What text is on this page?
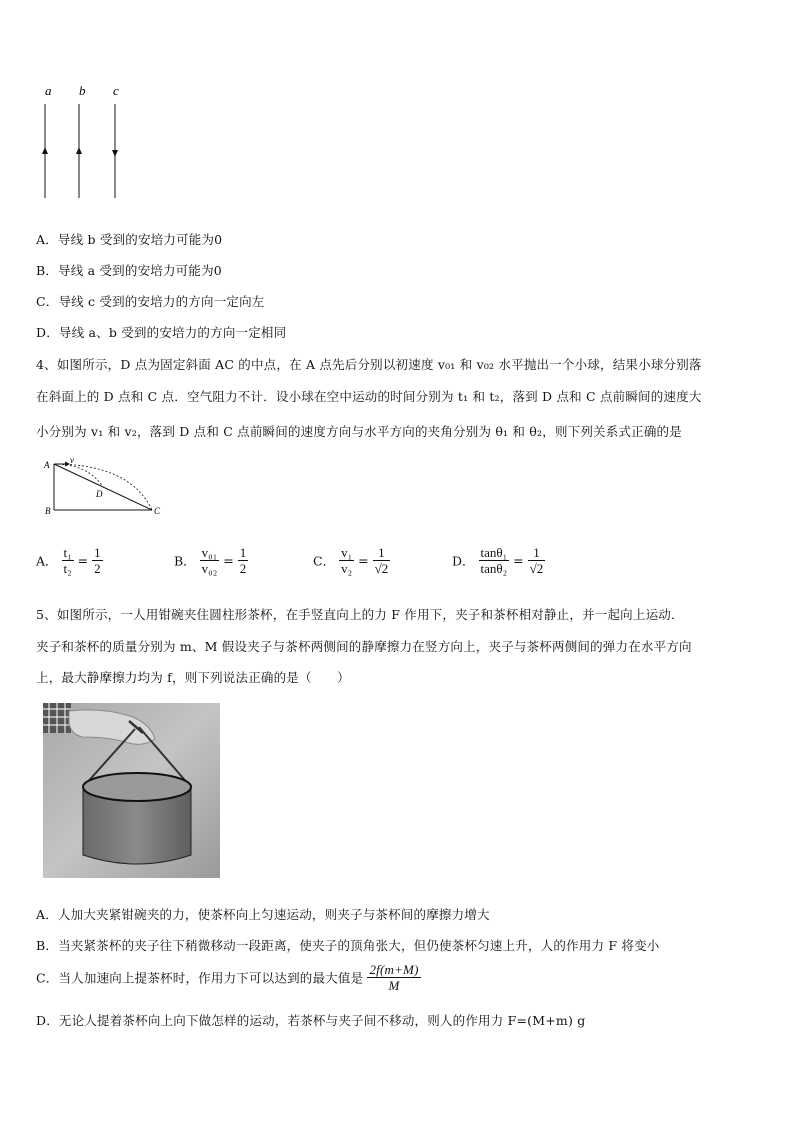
a b c
A．导线 b 受到的安培力可能为0
B．导线 a 受到的安培力可能为0
C．导线 c 受到的安培力的方向一定向左
D．导线 a、b 受到的安培力的方向一定相同
4、如图所示，D 点为固定斜面 AC 的中点，在 A 点先后分别以初速度 v₀₁ 和 v₀₂ 水平抛出一个小球，结果小球分别落
在斜面上的 D 点和 C 点．空气阻力不计．设小球在空中运动的时间分别为 t₁ 和 t₂，落到 D 点和 C 点前瞬间的速度大
小分别为 v₁ 和 v₂，落到 D 点和 C 点前瞬间的速度方向与水平方向的夹角分别为 θ₁ 和 θ₂，则下列关系式正确的是
A v
B	C
D
A． $\frac{\text{t₁}}{\text{t₂}} = \frac{1}{2}$	B． $\frac{\text{v₀₁}}{\text{v₀₂}} = \frac{1}{2}$	C． $\frac{\text{v₁}}{\text{v₂}} = \frac{1}{√2}$	D． $\frac{\text{tanθ₁}}{\text{tanθ₂}} = \frac{1}{√2}$
5、如图所示，一人用钳碗夹住圆柱形茶杯，在手竖直向上的力 F 作用下，夹子和茶杯相对静止，并一起向上运动．
夹子和茶杯的质量分别为 m、M 假设夹子与茶杯两侧间的静摩擦力在竖方向上，夹子与茶杯两侧间的弹力在水平方向
上，最大静摩擦力均为 f，则下列说法正确的是（　　）
A．人加大夹紧钳碗夹的力，使茶杯向上匀速运动，则夹子与茶杯间的摩擦力增大
B．当夹紧茶杯的夹子往下稍微移动一段距离，使夹子的顶角张大，但仍使茶杯匀速上升，人的作用力 F 将变小
C．当人加速向上提茶杯时，作用力下可以达到的最大值是 $\frac{2f(m+M)}{M}$
D．无论人提着茶杯向上向下做怎样的运动，若茶杯与夹子间不移动，则人的作用力 F=(M+m) g
